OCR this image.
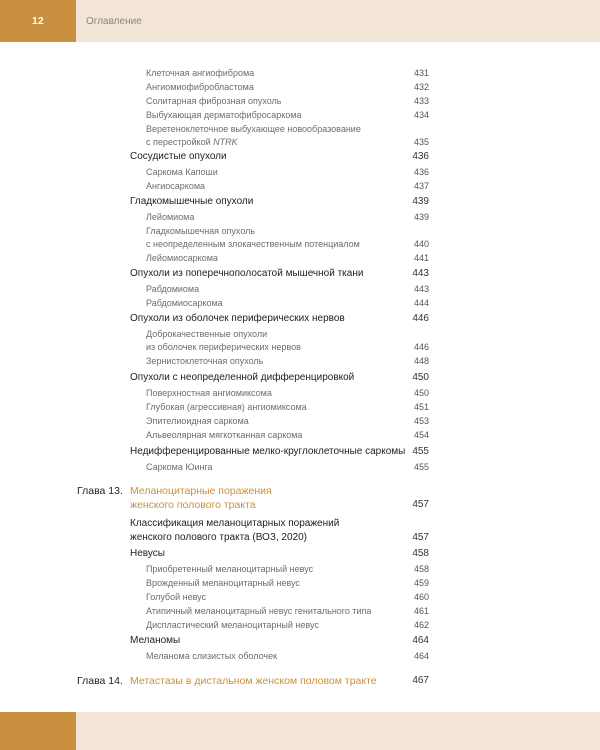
12	Оглавление
Клеточная ангиофиброма	431
Ангиомиофибробластома	432
Солитарная фиброзная опухоль	433
Выбухающая дерматофибросаркома	434
Веретеноклеточное выбухающее новообразование
с перестройкой NTRK	435
Сосудистые опухоли	436
Саркома Капоши	436
Ангиосаркома	437
Гладкомышечные опухоли	439
Лейомиома	439
Гладкомышечная опухоль
с неопределенным злокачественным потенциалом	440
Лейомиосаркома	441
Опухоли из поперечнополосатой мышечной ткани	443
Рабдомиома	443
Рабдомиосаркома	444
Опухоли из оболочек периферических нервов	446
Доброкачественные опухоли
из оболочек периферических нервов	446
Зернистоклеточная опухоль	448
Опухоли с неопределенной дифференцировкой	450
Поверхностная ангиомиксома	450
Глубокая (агрессивная) ангиомиксома	451
Эпителиоидная саркома	453
Альвеолярная мягкотканная саркома	454
Недифференцированные мелко-круглоклеточные саркомы 455
Саркома Юинга	455
Глава 13. Меланоцитарные поражения
женского полового тракта	457
Классификация меланоцитарных поражений
женского полового тракта (ВОЗ, 2020)	457
Невусы	458
Приобретенный меланоцитарный невус	458
Врожденный меланоцитарный невус	459
Голубой невус	460
Атипичный меланоцитарный невус генитального типа	461
Диспластический меланоцитарный невус	462
Меланомы	464
Меланома слизистых оболочек	464
Глава 14. Метастазы в дистальном женском половом тракте	467
